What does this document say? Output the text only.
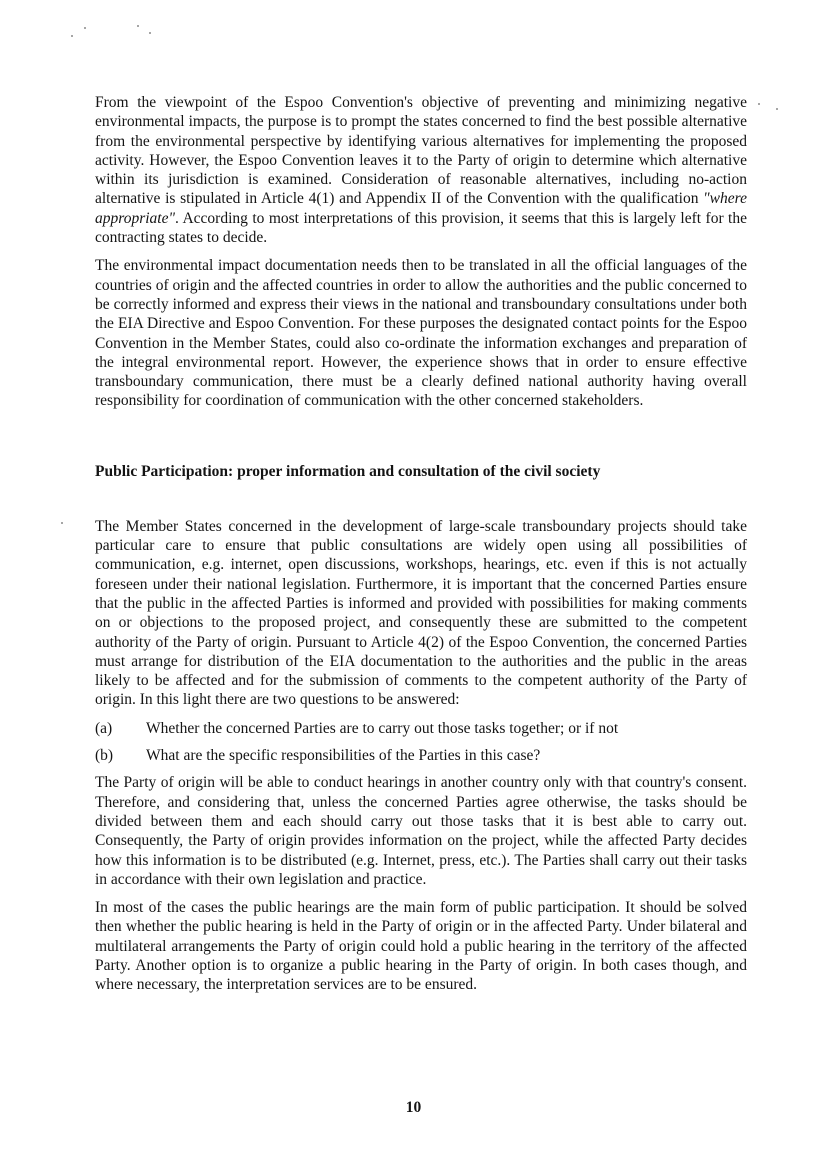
From the viewpoint of the Espoo Convention's objective of preventing and minimizing negative environmental impacts, the purpose is to prompt the states concerned to find the best possible alternative from the environmental perspective by identifying various alternatives for implementing the proposed activity. However, the Espoo Convention leaves it to the Party of origin to determine which alternative within its jurisdiction is examined. Consideration of reasonable alternatives, including no-action alternative is stipulated in Article 4(1) and Appendix II of the Convention with the qualification "where appropriate". According to most interpretations of this provision, it seems that this is largely left for the contracting states to decide.

The environmental impact documentation needs then to be translated in all the official languages of the countries of origin and the affected countries in order to allow the authorities and the public concerned to be correctly informed and express their views in the national and transboundary consultations under both the EIA Directive and Espoo Convention. For these purposes the designated contact points for the Espoo Convention in the Member States, could also co-ordinate the information exchanges and preparation of the integral environmental report. However, the experience shows that in order to ensure effective transboundary communication, there must be a clearly defined national authority having overall responsibility for coordination of communication with the other concerned stakeholders.

Public Participation: proper information and consultation of the civil society

The Member States concerned in the development of large-scale transboundary projects should take particular care to ensure that public consultations are widely open using all possibilities of communication, e.g. internet, open discussions, workshops, hearings, etc. even if this is not actually foreseen under their national legislation. Furthermore, it is important that the concerned Parties ensure that the public in the affected Parties is informed and provided with possibilities for making comments on or objections to the proposed project, and consequently these are submitted to the competent authority of the Party of origin. Pursuant to Article 4(2) of the Espoo Convention, the concerned Parties must arrange for distribution of the EIA documentation to the authorities and the public in the areas likely to be affected and for the submission of comments to the competent authority of the Party of origin. In this light there are two questions to be answered:

(a)	Whether the concerned Parties are to carry out those tasks together; or if not
(b)	What are the specific responsibilities of the Parties in this case?

The Party of origin will be able to conduct hearings in another country only with that country's consent. Therefore, and considering that, unless the concerned Parties agree otherwise, the tasks should be divided between them and each should carry out those tasks that it is best able to carry out. Consequently, the Party of origin provides information on the project, while the affected Party decides how this information is to be distributed (e.g. Internet, press, etc.). The Parties shall carry out their tasks in accordance with their own legislation and practice.

In most of the cases the public hearings are the main form of public participation. It should be solved then whether the public hearing is held in the Party of origin or in the affected Party. Under bilateral and multilateral arrangements the Party of origin could hold a public hearing in the territory of the affected Party. Another option is to organize a public hearing in the Party of origin. In both cases though, and where necessary, the interpretation services are to be ensured.

10
